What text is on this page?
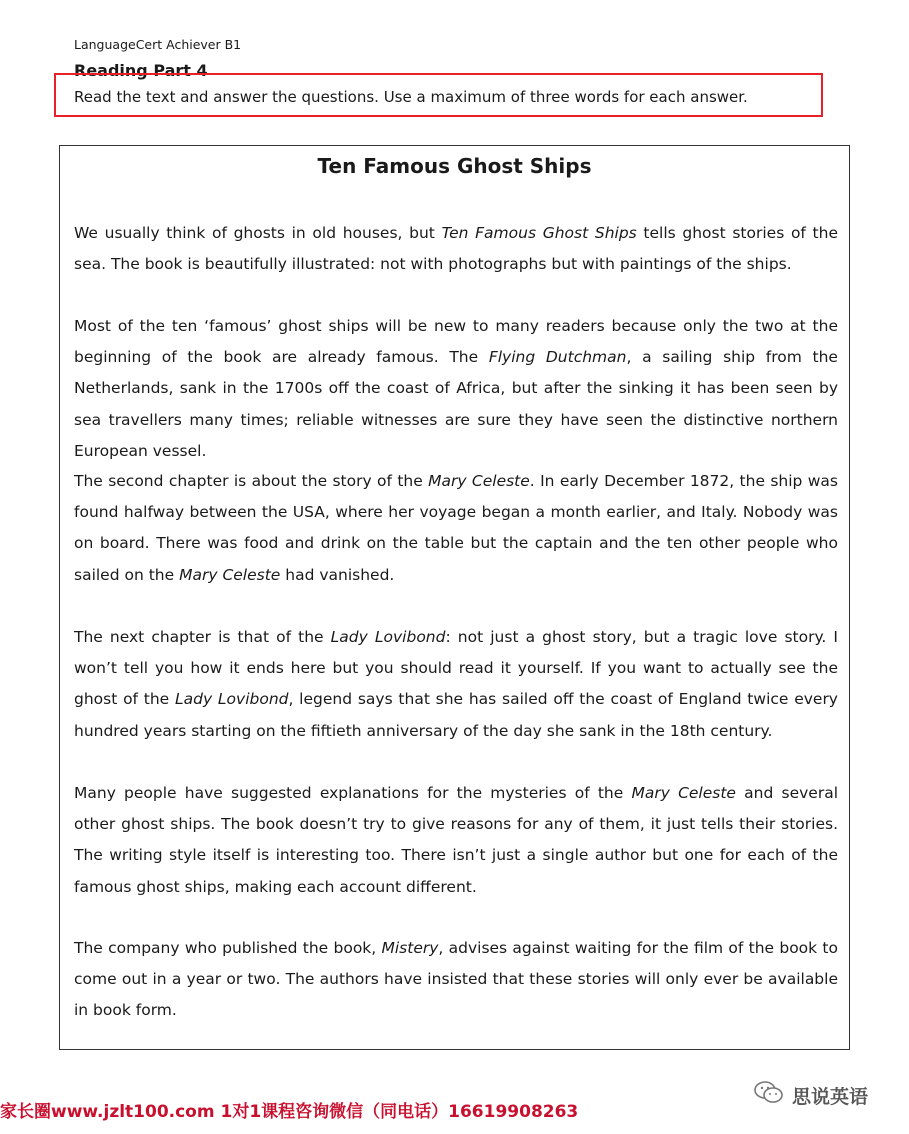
LanguageCert Achiever B1
Reading Part 4
Read the text and answer the questions. Use a maximum of three words for each answer.
Ten Famous Ghost Ships

We usually think of ghosts in old houses, but Ten Famous Ghost Ships tells ghost stories of the sea. The book is beautifully illustrated: not with photographs but with paintings of the ships.

Most of the ten ‘famous’ ghost ships will be new to many readers because only the two at the beginning of the book are already famous. The Flying Dutchman, a sailing ship from the Netherlands, sank in the 1700s off the coast of Africa, but after the sinking it has been seen by sea travellers many times; reliable witnesses are sure they have seen the distinctive northern European vessel.

The second chapter is about the story of the Mary Celeste. In early December 1872, the ship was found halfway between the USA, where her voyage began a month earlier, and Italy. Nobody was on board. There was food and drink on the table but the captain and the ten other people who sailed on the Mary Celeste had vanished.

The next chapter is that of the Lady Lovibond: not just a ghost story, but a tragic love story. I won’t tell you how it ends here but you should read it yourself. If you want to actually see the ghost of the Lady Lovibond, legend says that she has sailed off the coast of England twice every hundred years starting on the fiftieth anniversary of the day she sank in the 18th century.

Many people have suggested explanations for the mysteries of the Mary Celeste and several other ghost ships. The book doesn’t try to give reasons for any of them, it just tells their stories. The writing style itself is interesting too. There isn’t just a single author but one for each of the famous ghost ships, making each account different.

The company who published the book, Mistery, advises against waiting for the film of the book to come out in a year or two. The authors have insisted that these stories will only ever be available in book form.

家长圈www.jzlt100.com 1对1课程咨询微信（同电话）16619908263
思说英语
